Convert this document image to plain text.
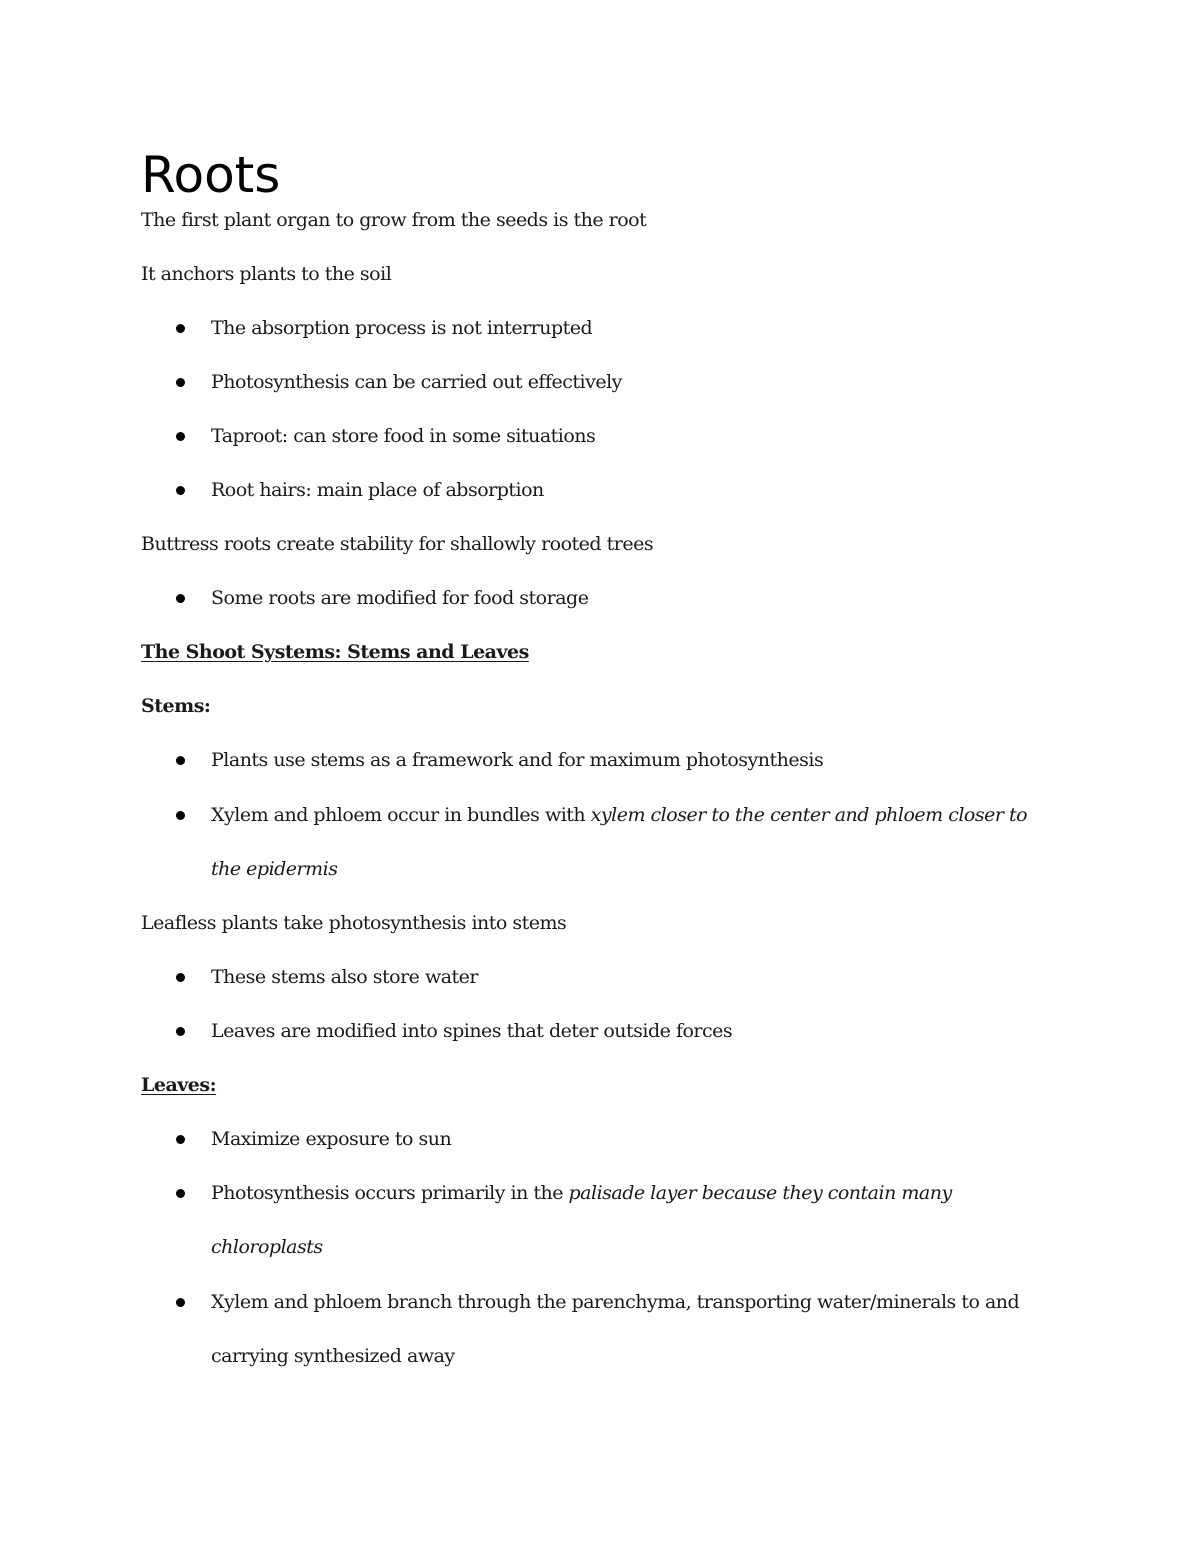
Roots

The first plant organ to grow from the seeds is the root

It anchors plants to the soil

The absorption process is not interrupted

Photosynthesis can be carried out effectively

Taproot: can store food in some situations

Root hairs: main place of absorption

Buttress roots create stability for shallowly rooted trees

Some roots are modified for food storage

The Shoot Systems: Stems and Leaves

Stems:

Plants use stems as a framework and for maximum photosynthesis

Xylem and phloem occur in bundles with xylem closer to the center and phloem closer to

the epidermis

Leafless plants take photosynthesis into stems

These stems also store water

Leaves are modified into spines that deter outside forces

Leaves:

Maximize exposure to sun

Photosynthesis occurs primarily in the palisade layer because they contain many

chloroplasts

Xylem and phloem branch through the parenchyma, transporting water/minerals to and

carrying synthesized away
